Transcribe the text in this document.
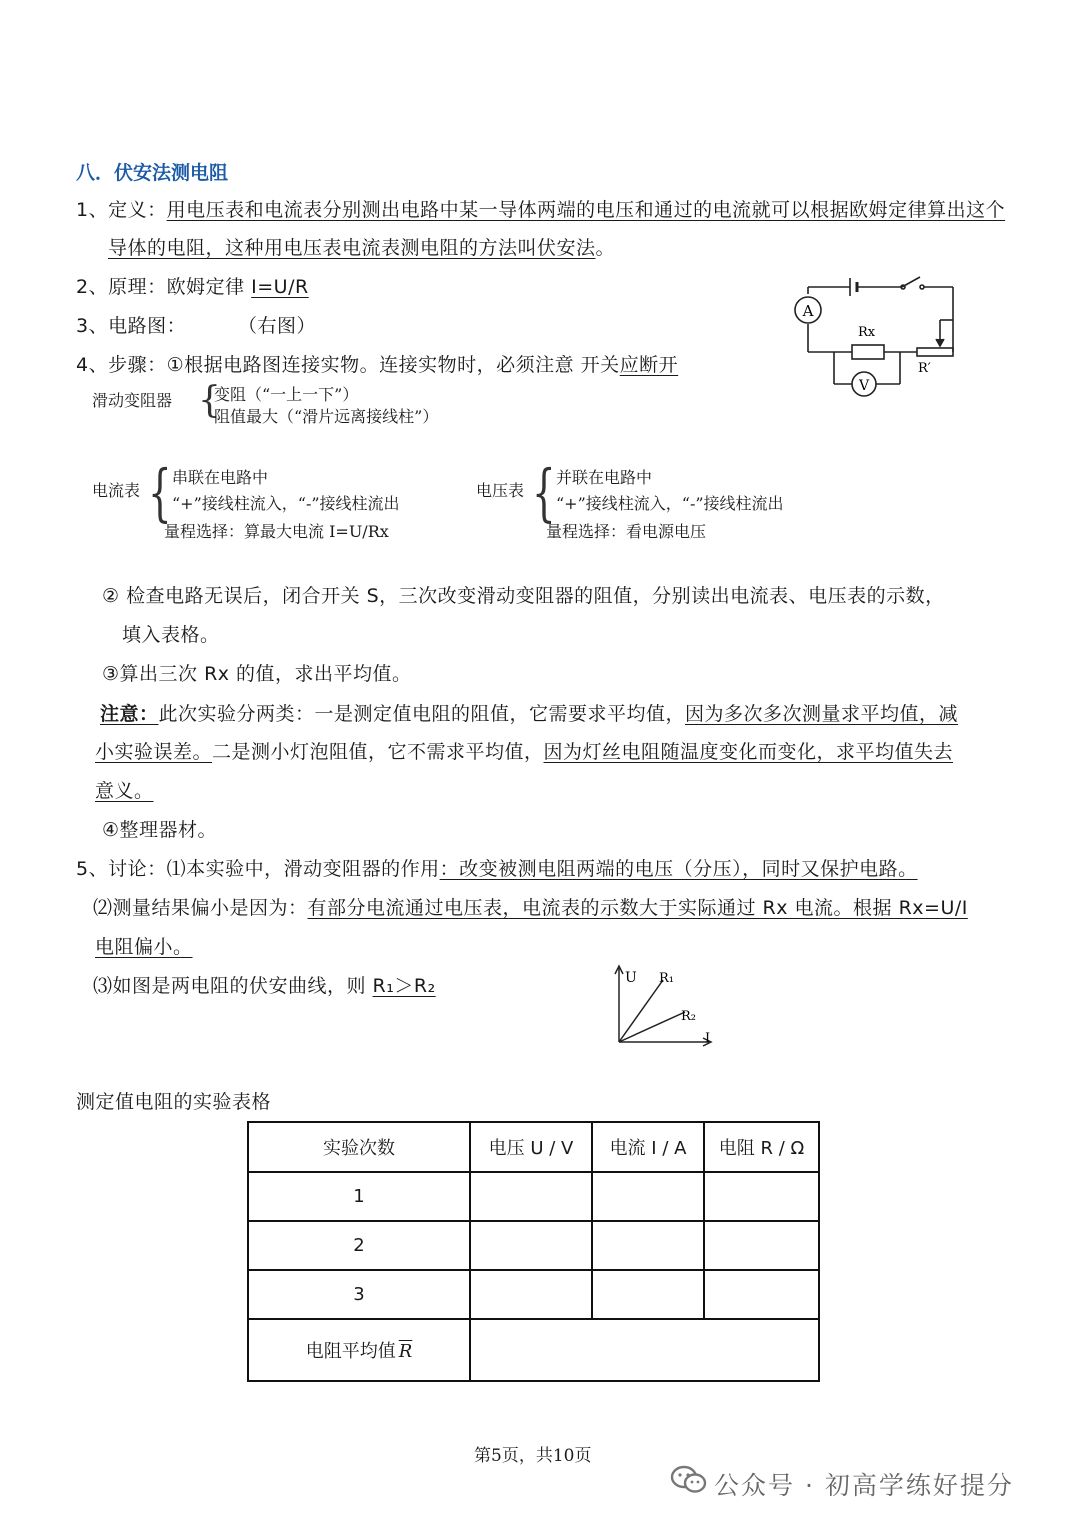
八．伏安法测电阻
1、定义：用电压表和电流表分别测出电路中某一导体两端的电压和通过的电流就可以根据欧姆定律算出这个
导体的电阻，这种用电压表电流表测电阻的方法叫伏安法。
2、原理：欧姆定律 I=U/R
3、电路图：	（右图）
4、步骤：①根据电路图连接实物。连接实物时，必须注意 开关应断开
A
V
Rx
R′
滑动变阻器 {
变阻（“一上一下”）
阻值最大（“滑片远离接线柱”）
电流表 { 串联在电路中
“+”接线柱流入，“-”接线柱流出
量程选择：算最大电流 I=U/Rx
电压表 { 并联在电路中
“+”接线柱流入，“-”接线柱流出
量程选择：看电源电压
② 检查电路无误后，闭合开关 S，三次改变滑动变阻器的阻值，分别读出电流表、电压表的示数，
填入表格。
③算出三次 Rx 的值，求出平均值。
注意：此次实验分两类：一是测定值电阻的阻值，它需要求平均值，因为多次多次测量求平均值，减
小实验误差。二是测小灯泡阻值，它不需求平均值，因为灯丝电阻随温度变化而变化，求平均值失去
意义。
④整理器材。
5、讨论：⑴本实验中，滑动变阻器的作用：改变被测电阻两端的电压（分压），同时又保护电路。
⑵测量结果偏小是因为：有部分电流通过电压表，电流表的示数大于实际通过 Rx 电流。根据 Rx=U/I
电阻偏小。
⑶如图是两电阻的伏安曲线，则 R₁＞R₂	U R₁
R₂
I
测定值电阻的实验表格
实验次数	电压 U / V	电流 I / A	电阻 R / Ω
1			
2			
3			
电阻平均值 $\overline{R}$	
第5页，共10页
公众号 · 初高学练好提分
